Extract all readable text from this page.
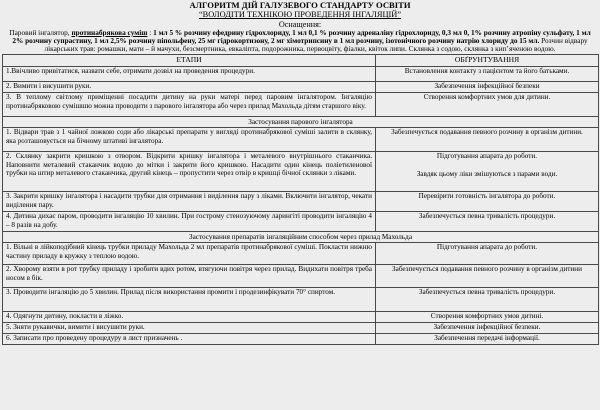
АЛГОРИТМ ДІЙ ГАЛУЗЕВОГО СТАНДАРТУ ОСВІТИ
“ВОЛОДІТИ ТЕХНІКОЮ ПРОВЕДЕННЯ ІНГАЛЯЦІЙ”
Оснащення:
Паровий інгалятор, протинабрякова суміш : 1 мл 5 % розчину ефедрину гідрохлориду, 1 мл 0,1 % розчину адреналіну гідрохлориду, 0,3 мл 0, 1% розчину атропіну сульфату, 1 мл 2% розчину супрастину, 1 мл 2,5% розчину піпольфену, 25 мг гідрокортизону, 2 мг хімотрипсину в 1 мл розчину, ізотонічного розчину натрію хлориду до 15 мл. Розчин відвару лікарських трав: ромашки, мати – й мачухи, безсмертника, евкаліпта, подорожника, первоцвіту, фіалки, квіток липи. Склянка з содою, склянка з кип’яченою водою.
ЕТАПИ	ОБҐРУНТУВАННЯ
1.Ввічливо привітатися, назвати себе, отримати дозвіл на проведення процедури.	Встановлення контакту з пацієнтом та його батьками.
2. Вимити і висушити руки.	Забезпечення інфекційної безпеки
3. В теплому світлому приміщенні посадити дитину на руки матері перед паровим інгалятором. Інгаляцію протинабряковою сумішшю можна проводити з парового інгалятора або через прилад Махольда дітям старшого віку.	Створення комфортних умов для дитини.
Застосування парового інгалятора	
1. Відвари трав з 1 чайної ложкою соди або лікарські препарати у вигляді протинабрякової суміші залити в склянку, яка розташовується на бічному штативі інгалятора.	Забезпечується подавання певного розчину в організм дитини.
2. Склянку закрити кришкою з отвором. Відкрити кришку інгалятора і металевого внутрішнього стаканчика. Наповнити металевий стаканчик водою до мітки і закрити його кришкою. Насадити один кінець поліетиленової трубки на штир металевого стаканчика, другий кінець – пропустити через отвір в кришці бічної склянки з ліками.	Підготування апарата до роботи.
Завдяк цьому ліки змішуються з парами води.

3. Закрити кришку інгалятора і насадити трубки для отримання і виділення пару з ліками. Включити інгалятор, чекати виділення пару.	Перевірити готовність інгалятора до роботи.
4. Дитина дихає паром, проводити інгаляцію 10 хвилин. При гострому стенозуючому ларингіті проводити інгаляцію 4 – 8 разів на добу.	Забезпечується певна тривалість процедури.
Застосування препаратів інгаляційним способом через прилад Махольда	
1. Вільні в лійкоподібний кінець трубки приладу Махольда 2 мл препаратів протинабрякової суміші. Покласти нижню частину приладу в кружку з теплою водою.	Підготування апарата до роботи.
2. Хворому взяти в рот трубку приладу і зробити вдих ротом, втягуючи повітря через прилад. Видихати повітря треба носом в бік.	Забезпечується подавання певного розчину в організм дитини
3. Проводити інгаляцію до 5 хвилин. Прилад після використання промити і продезинфікувати 70° спиртом.	Забезпечується певна тривалість процедури.
4. Одягнути дитину, покласти в ліжко.	Створення комфортних умов дитині.
5. Зняти рукавички, вимити і висушити руки.	Забезпечення інфекційної безпеки.
6. Записати про проведену процедуру в лист призначень .	Забезпечення передачі інформації.
